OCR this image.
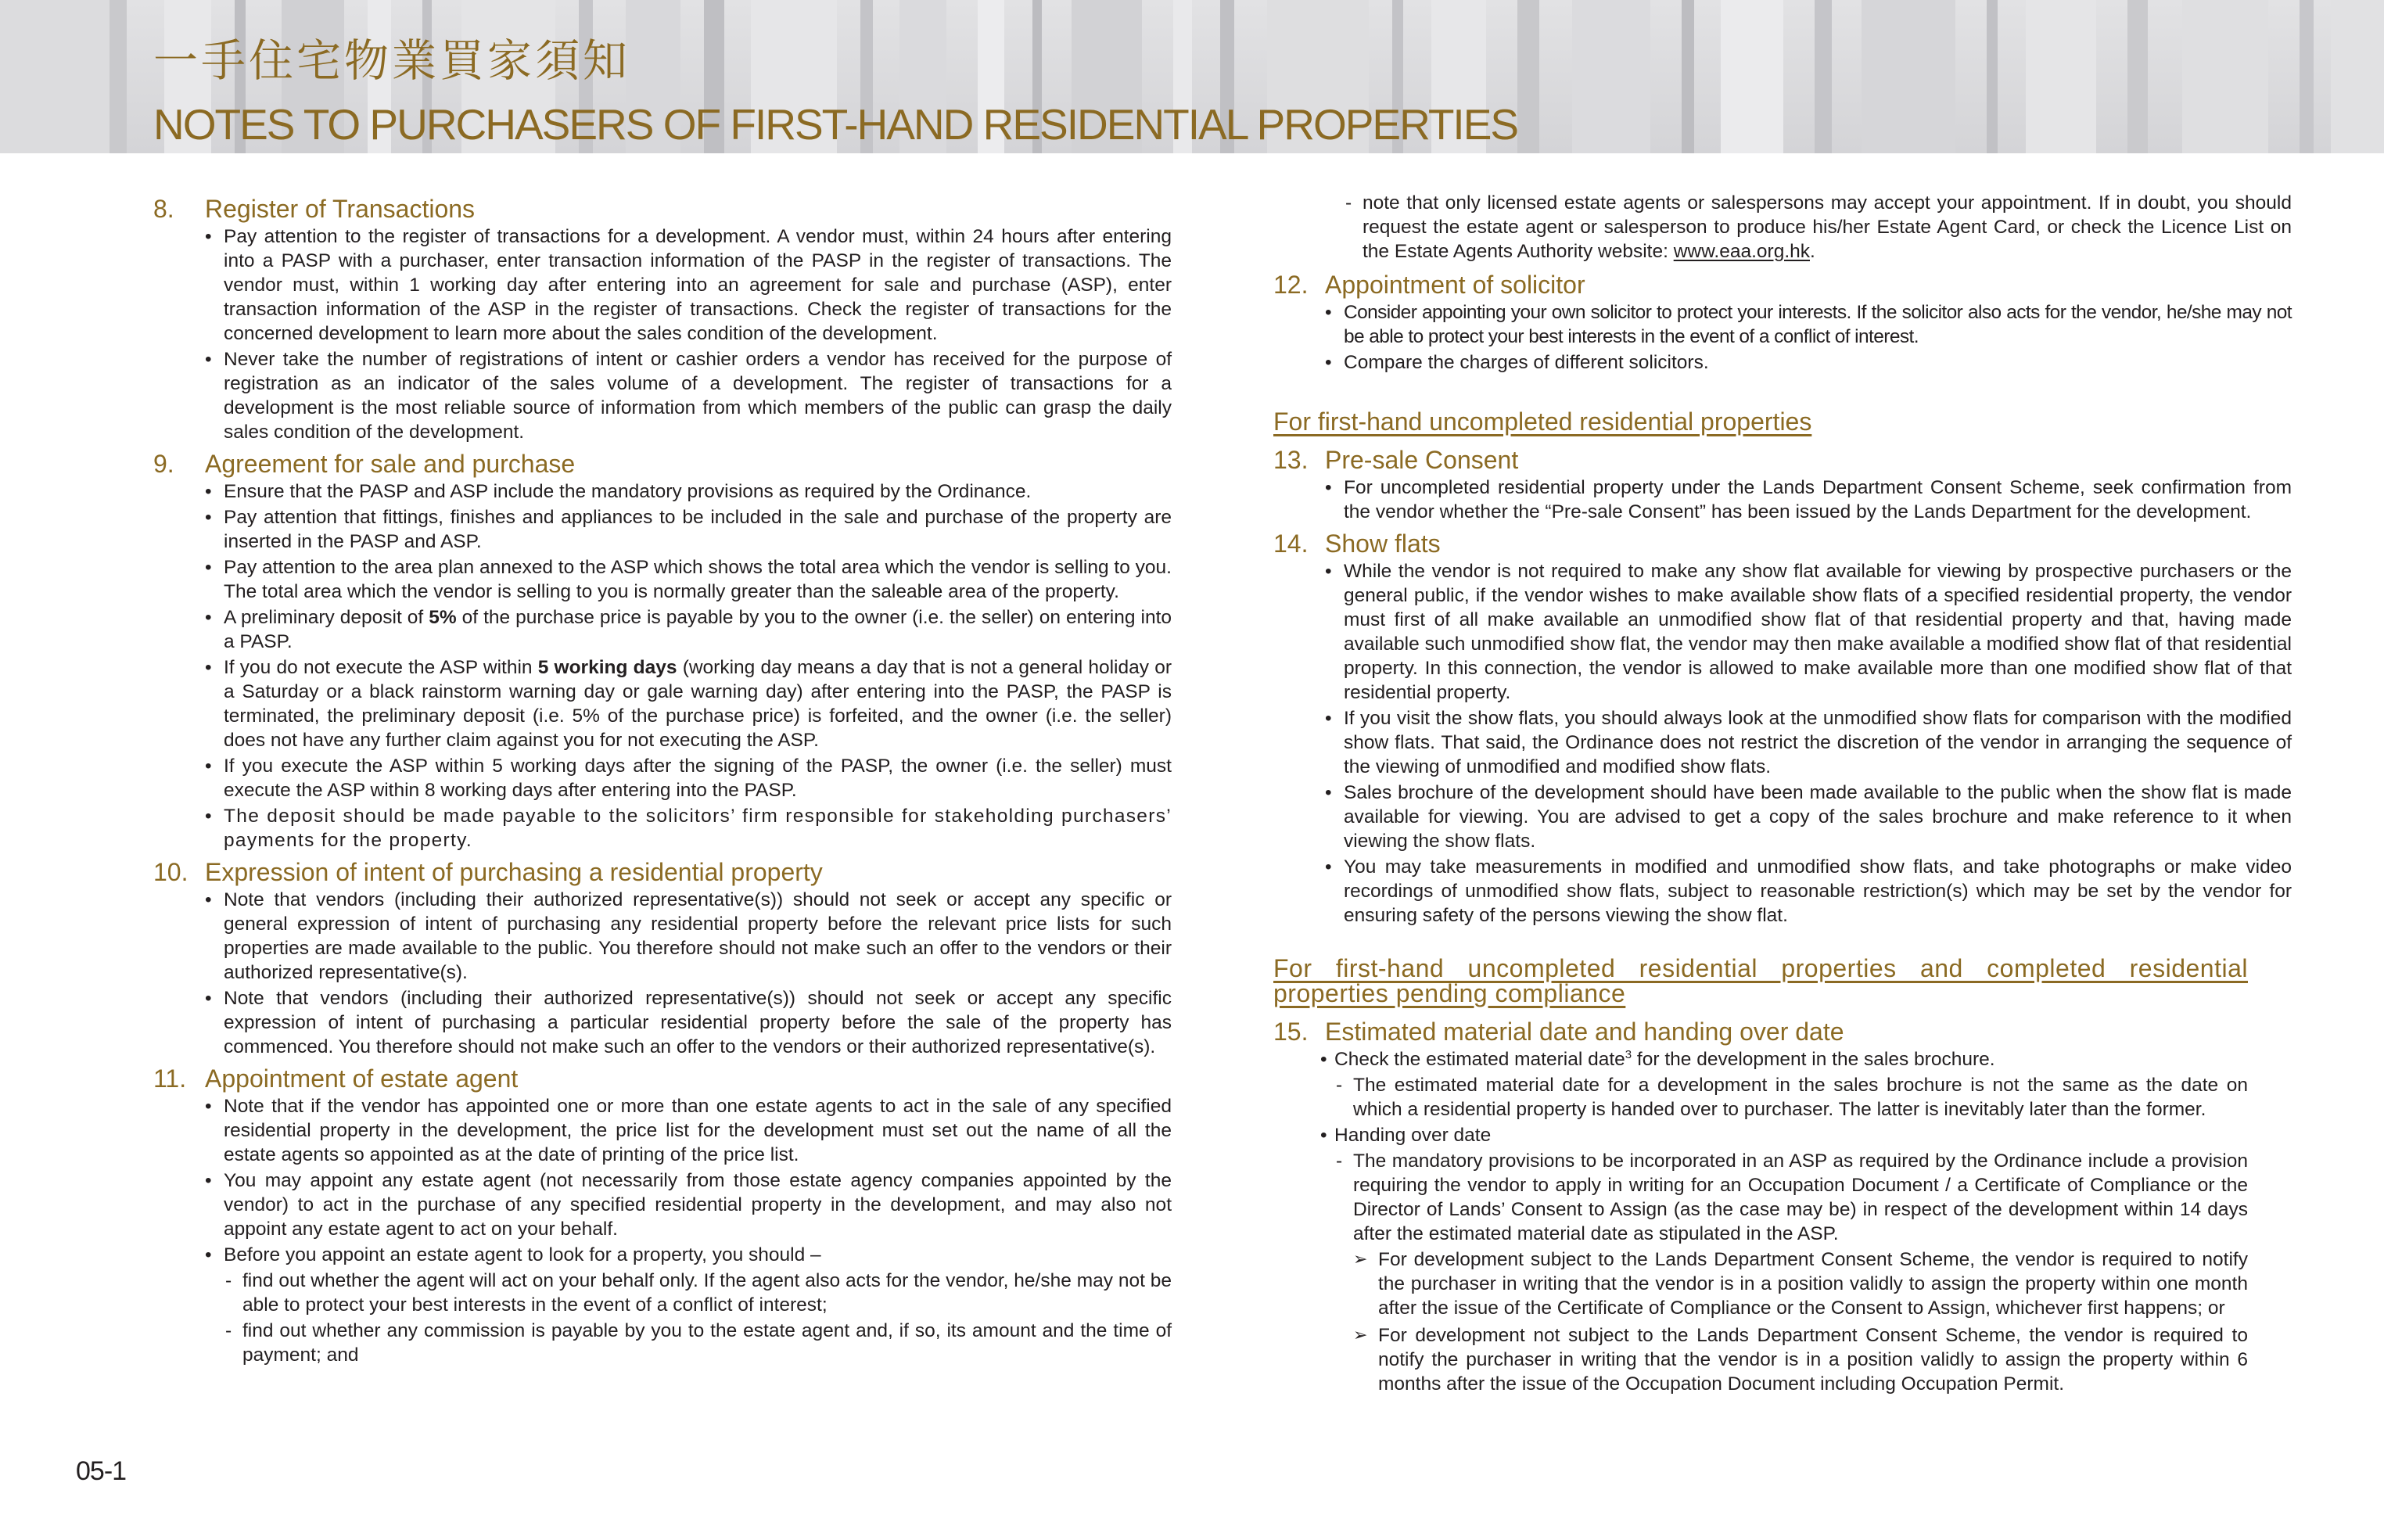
一手住宅物業買家須知
NOTES TO PURCHASERS OF FIRST-HAND RESIDENTIAL PROPERTIES
8.	Register of Transactions
• Pay attention to the register of transactions for a development. A vendor must, within 24 hours after entering into a PASP with a purchaser, enter transaction information of the PASP in the register of transactions. The vendor must, within 1 working day after entering into an agreement for sale and purchase (ASP), enter transaction information of the ASP in the register of transactions. Check the register of transactions for the concerned development to learn more about the sales condition of the development.
• Never take the number of registrations of intent or cashier orders a vendor has received for the purpose of registration as an indicator of the sales volume of a development. The register of transactions for a development is the most reliable source of information from which members of the public can grasp the daily sales condition of the development.
9.	Agreement for sale and purchase
• Ensure that the PASP and ASP include the mandatory provisions as required by the Ordinance.
• Pay attention that fittings, finishes and appliances to be included in the sale and purchase of the property are inserted in the PASP and ASP.
• Pay attention to the area plan annexed to the ASP which shows the total area which the vendor is selling to you. The total area which the vendor is selling to you is normally greater than the saleable area of the property.
• A preliminary deposit of 5% of the purchase price is payable by you to the owner (i.e. the seller) on entering into a PASP.
• If you do not execute the ASP within 5 working days (working day means a day that is not a general holiday or a Saturday or a black rainstorm warning day or gale warning day) after entering into the PASP, the PASP is terminated, the preliminary deposit (i.e. 5% of the purchase price) is forfeited, and the owner (i.e. the seller) does not have any further claim against you for not executing the ASP.
• If you execute the ASP within 5 working days after the signing of the PASP, the owner (i.e. the seller) must execute the ASP within 8 working days after entering into the PASP.
• The deposit should be made payable to the solicitors’ firm responsible for stakeholding purchasers’ payments for the property.
10. Expression of intent of purchasing a residential property
• Note that vendors (including their authorized representative(s)) should not seek or accept any specific or general expression of intent of purchasing any residential property before the relevant price lists for such properties are made available to the public. You therefore should not make such an offer to the vendors or their authorized representative(s).
• Note that vendors (including their authorized representative(s)) should not seek or accept any specific expression of intent of purchasing a particular residential property before the sale of the property has commenced. You therefore should not make such an offer to the vendors or their authorized representative(s).
11. Appointment of estate agent
• Note that if the vendor has appointed one or more than one estate agents to act in the sale of any specified residential property in the development, the price list for the development must set out the name of all the estate agents so appointed as at the date of printing of the price list.
• You may appoint any estate agent (not necessarily from those estate agency companies appointed by the vendor) to act in the purchase of any specified residential property in the development, and may also not appoint any estate agent to act on your behalf.
• Before you appoint an estate agent to look for a property, you should –
- find out whether the agent will act on your behalf only. If the agent also acts for the vendor, he/she may not be able to protect your best interests in the event of a conflict of interest;
- find out whether any commission is payable by you to the estate agent and, if so, its amount and the time of payment; and
- note that only licensed estate agents or salespersons may accept your appointment. If in doubt, you should request the estate agent or salesperson to produce his/her Estate Agent Card, or check the Licence List on the Estate Agents Authority website: www.eaa.org.hk.
12. Appointment of solicitor
• Consider appointing your own solicitor to protect your interests. If the solicitor also acts for the vendor, he/she may not be able to protect your best interests in the event of a conflict of interest.
• Compare the charges of different solicitors.
For first-hand uncompleted residential properties
13. Pre-sale Consent
• For uncompleted residential property under the Lands Department Consent Scheme, seek confirmation from the vendor whether the “Pre-sale Consent” has been issued by the Lands Department for the development.
14. Show flats
• While the vendor is not required to make any show flat available for viewing by prospective purchasers or the general public, if the vendor wishes to make available show flats of a specified residential property, the vendor must first of all make available an unmodified show flat of that residential property and that, having made available such unmodified show flat, the vendor may then make available a modified show flat of that residential property. In this connection, the vendor is allowed to make available more than one modified show flat of that residential property.
• If you visit the show flats, you should always look at the unmodified show flats for comparison with the modified show flats. That said, the Ordinance does not restrict the discretion of the vendor in arranging the sequence of the viewing of unmodified and modified show flats.
• Sales brochure of the development should have been made available to the public when the show flat is made available for viewing. You are advised to get a copy of the sales brochure and make reference to it when viewing the show flats.
• You may take measurements in modified and unmodified show flats, and take photographs or make video recordings of unmodified show flats, subject to reasonable restriction(s) which may be set by the vendor for ensuring safety of the persons viewing the show flat.
For first-hand uncompleted residential properties and completed residential properties pending compliance
15. Estimated material date and handing over date
• Check the estimated material date$^3$ for the development in the sales brochure.
- The estimated material date for a development in the sales brochure is not the same as the date on which a residential property is handed over to purchaser. The latter is inevitably later than the former.
• Handing over date
- The mandatory provisions to be incorporated in an ASP as required by the Ordinance include a provision requiring the vendor to apply in writing for an Occupation Document / a Certificate of Compliance or the Director of Lands’ Consent to Assign (as the case may be) in respect of the development within 14 days after the estimated material date as stipulated in the ASP.
➢ For development subject to the Lands Department Consent Scheme, the vendor is required to notify the purchaser in writing that the vendor is in a position validly to assign the property within one month after the issue of the Certificate of Compliance or the Consent to Assign, whichever first happens; or
➢ For development not subject to the Lands Department Consent Scheme, the vendor is required to notify the purchaser in writing that the vendor is in a position validly to assign the property within 6 months after the issue of the Occupation Document including Occupation Permit.
05-1
